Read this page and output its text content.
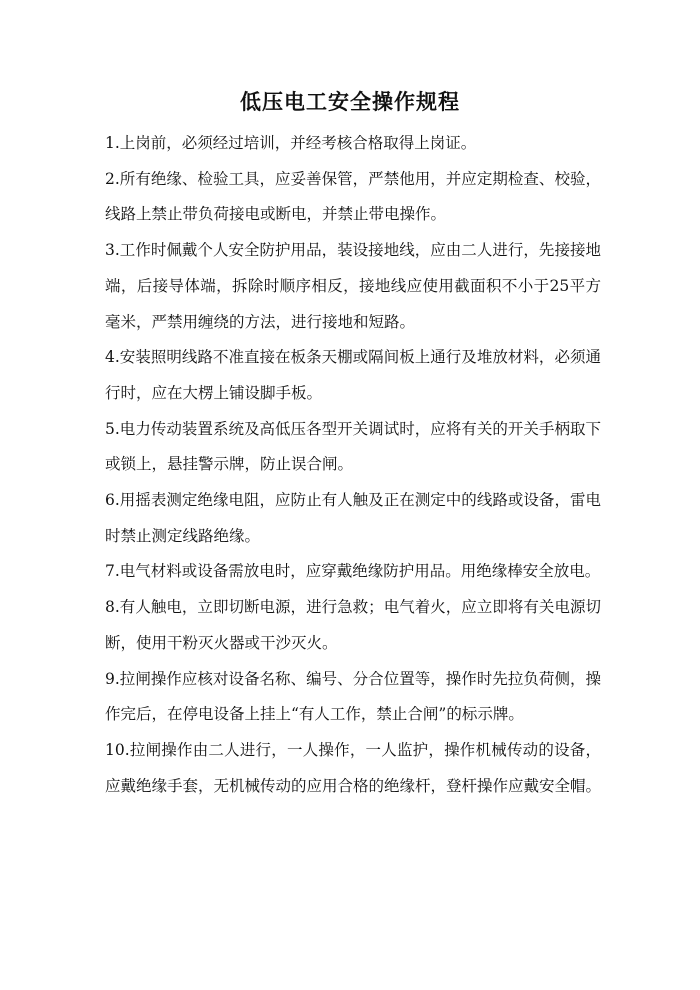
低压电工安全操作规程

1.上岗前，必须经过培训，并经考核合格取得上岗证。

2.所有绝缘、检验工具，应妥善保管，严禁他用，并应定期检查、校验，线路上禁止带负荷接电或断电，并禁止带电操作。

3.工作时佩戴个人安全防护用品，装设接地线，应由二人进行，先接接地端，后接导体端，拆除时顺序相反，接地线应使用截面积不小于25平方毫米，严禁用缠绕的方法，进行接地和短路。

4.安装照明线路不准直接在板条天棚或隔间板上通行及堆放材料，必须通行时，应在大楞上铺设脚手板。

5.电力传动装置系统及高低压各型开关调试时，应将有关的开关手柄取下或锁上，悬挂警示牌，防止误合闸。

6.用摇表测定绝缘电阻，应防止有人触及正在测定中的线路或设备，雷电时禁止测定线路绝缘。

7.电气材料或设备需放电时，应穿戴绝缘防护用品。用绝缘棒安全放电。

8.有人触电，立即切断电源，进行急救；电气着火，应立即将有关电源切断，使用干粉灭火器或干沙灭火。

9.拉闸操作应核对设备名称、编号、分合位置等，操作时先拉负荷侧，操作完后，在停电设备上挂上“有人工作，禁止合闸”的标示牌。

10.拉闸操作由二人进行，一人操作，一人监护，操作机械传动的设备，应戴绝缘手套，无机械传动的应用合格的绝缘杆，登杆操作应戴安全帽。
